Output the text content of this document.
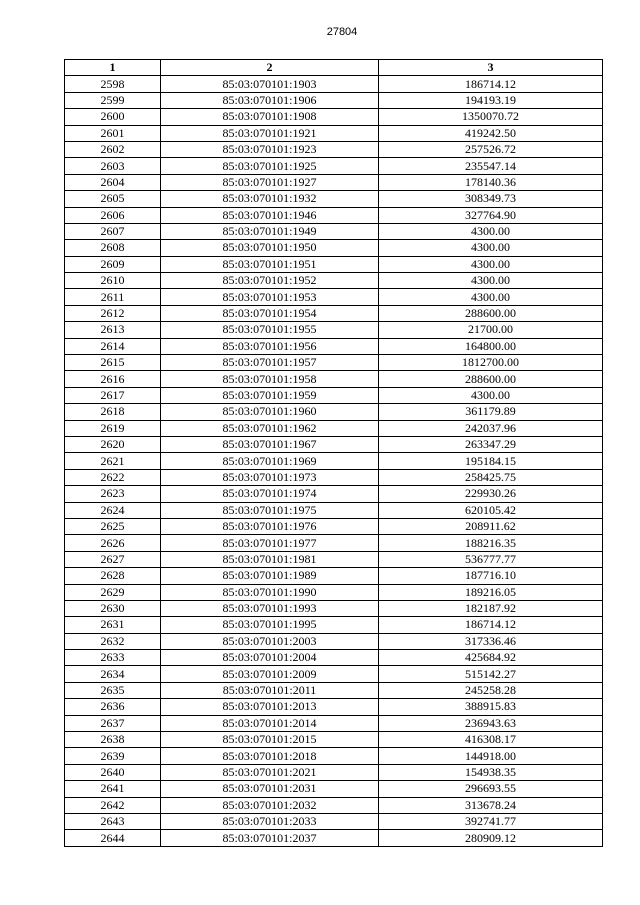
27804
1	2	3
2598	85:03:070101:1903	186714.12
2599	85:03:070101:1906	194193.19
2600	85:03:070101:1908	1350070.72
2601	85:03:070101:1921	419242.50
2602	85:03:070101:1923	257526.72
2603	85:03:070101:1925	235547.14
2604	85:03:070101:1927	178140.36
2605	85:03:070101:1932	308349.73
2606	85:03:070101:1946	327764.90
2607	85:03:070101:1949	4300.00
2608	85:03:070101:1950	4300.00
2609	85:03:070101:1951	4300.00
2610	85:03:070101:1952	4300.00
2611	85:03:070101:1953	4300.00
2612	85:03:070101:1954	288600.00
2613	85:03:070101:1955	21700.00
2614	85:03:070101:1956	164800.00
2615	85:03:070101:1957	1812700.00
2616	85:03:070101:1958	288600.00
2617	85:03:070101:1959	4300.00
2618	85:03:070101:1960	361179.89
2619	85:03:070101:1962	242037.96
2620	85:03:070101:1967	263347.29
2621	85:03:070101:1969	195184.15
2622	85:03:070101:1973	258425.75
2623	85:03:070101:1974	229930.26
2624	85:03:070101:1975	620105.42
2625	85:03:070101:1976	208911.62
2626	85:03:070101:1977	188216.35
2627	85:03:070101:1981	536777.77
2628	85:03:070101:1989	187716.10
2629	85:03:070101:1990	189216.05
2630	85:03:070101:1993	182187.92
2631	85:03:070101:1995	186714.12
2632	85:03:070101:2003	317336.46
2633	85:03:070101:2004	425684.92
2634	85:03:070101:2009	515142.27
2635	85:03:070101:2011	245258.28
2636	85:03:070101:2013	388915.83
2637	85:03:070101:2014	236943.63
2638	85:03:070101:2015	416308.17
2639	85:03:070101:2018	144918.00
2640	85:03:070101:2021	154938.35
2641	85:03:070101:2031	296693.55
2642	85:03:070101:2032	313678.24
2643	85:03:070101:2033	392741.77
2644	85:03:070101:2037	280909.12
